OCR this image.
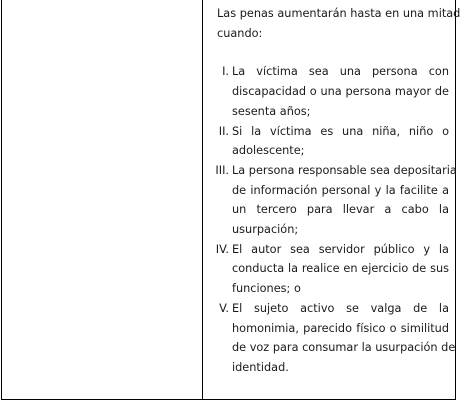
Las penas aumentarán hasta en una mitad
cuando:
I. La víctima sea una persona con
discapacidad o una persona mayor de
sesenta años;
II. Si la víctima es una niña, niño o
adolescente;
III. La persona responsable sea depositaria
de información personal y la facilite a
un tercero para llevar a cabo la
usurpación;
IV. El autor sea servidor público y la
conducta la realice en ejercicio de sus
funciones; o
V. El sujeto activo se valga de la
homonimia, parecido físico o similitud
de voz para consumar la usurpación de
identidad.
